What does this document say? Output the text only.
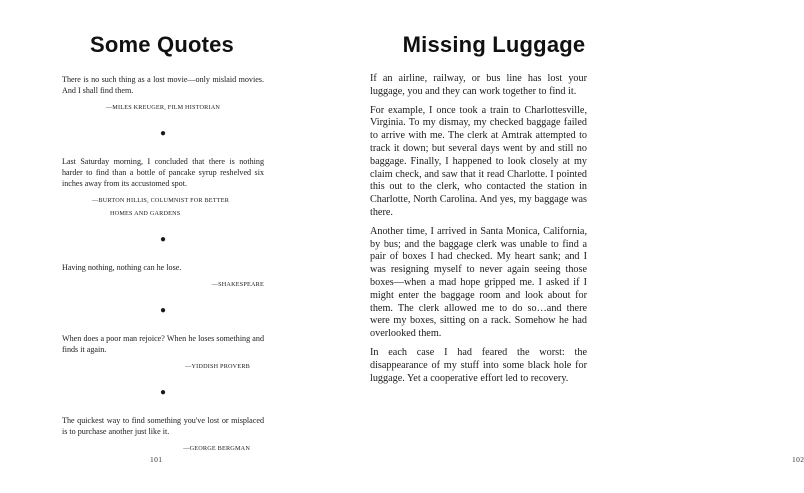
Some Quotes

There is no such thing as a lost movie—only mislaid movies. And I shall find them.

—MILES KREUGER, FILM HISTORIAN
●

Last Saturday morning, I concluded that there is nothing harder to find than a bottle of pancake syrup reshelved six inches away from its accustomed spot.

—BURTON HILLIS, COLUMNIST FOR BETTER
HOMES AND GARDENS
●

Having nothing, nothing can he lose.

—SHAKESPEARE
●

When does a poor man rejoice? When he loses something and finds it again.

—YIDDISH PROVERB
●

The quickest way to find something you've lost or misplaced is to purchase another just like it.

—GEORGE BERGMAN
101
Missing Luggage
102

If an airline, railway, or bus line has lost your luggage, you and they can work together to find it.

For example, I once took a train to Charlottesville, Virginia. To my dismay, my checked baggage failed to arrive with me. The clerk at Amtrak attempted to track it down; but several days went by and still no baggage. Finally, I happened to look closely at my claim check, and saw that it read Charlotte. I pointed this out to the clerk, who contacted the station in Charlotte, North Carolina. And yes, my baggage was there.

Another time, I arrived in Santa Monica, California, by bus; and the baggage clerk was unable to find a pair of boxes I had checked. My heart sank; and I was resigning myself to never again seeing those boxes—when a mad hope gripped me. I asked if I might enter the baggage room and look about for them. The clerk allowed me to do so…and there were my boxes, sitting on a rack. Somehow he had overlooked them.

In each case I had feared the worst: the disappearance of my stuff into some black hole for luggage. Yet a cooperative effort led to recovery.
